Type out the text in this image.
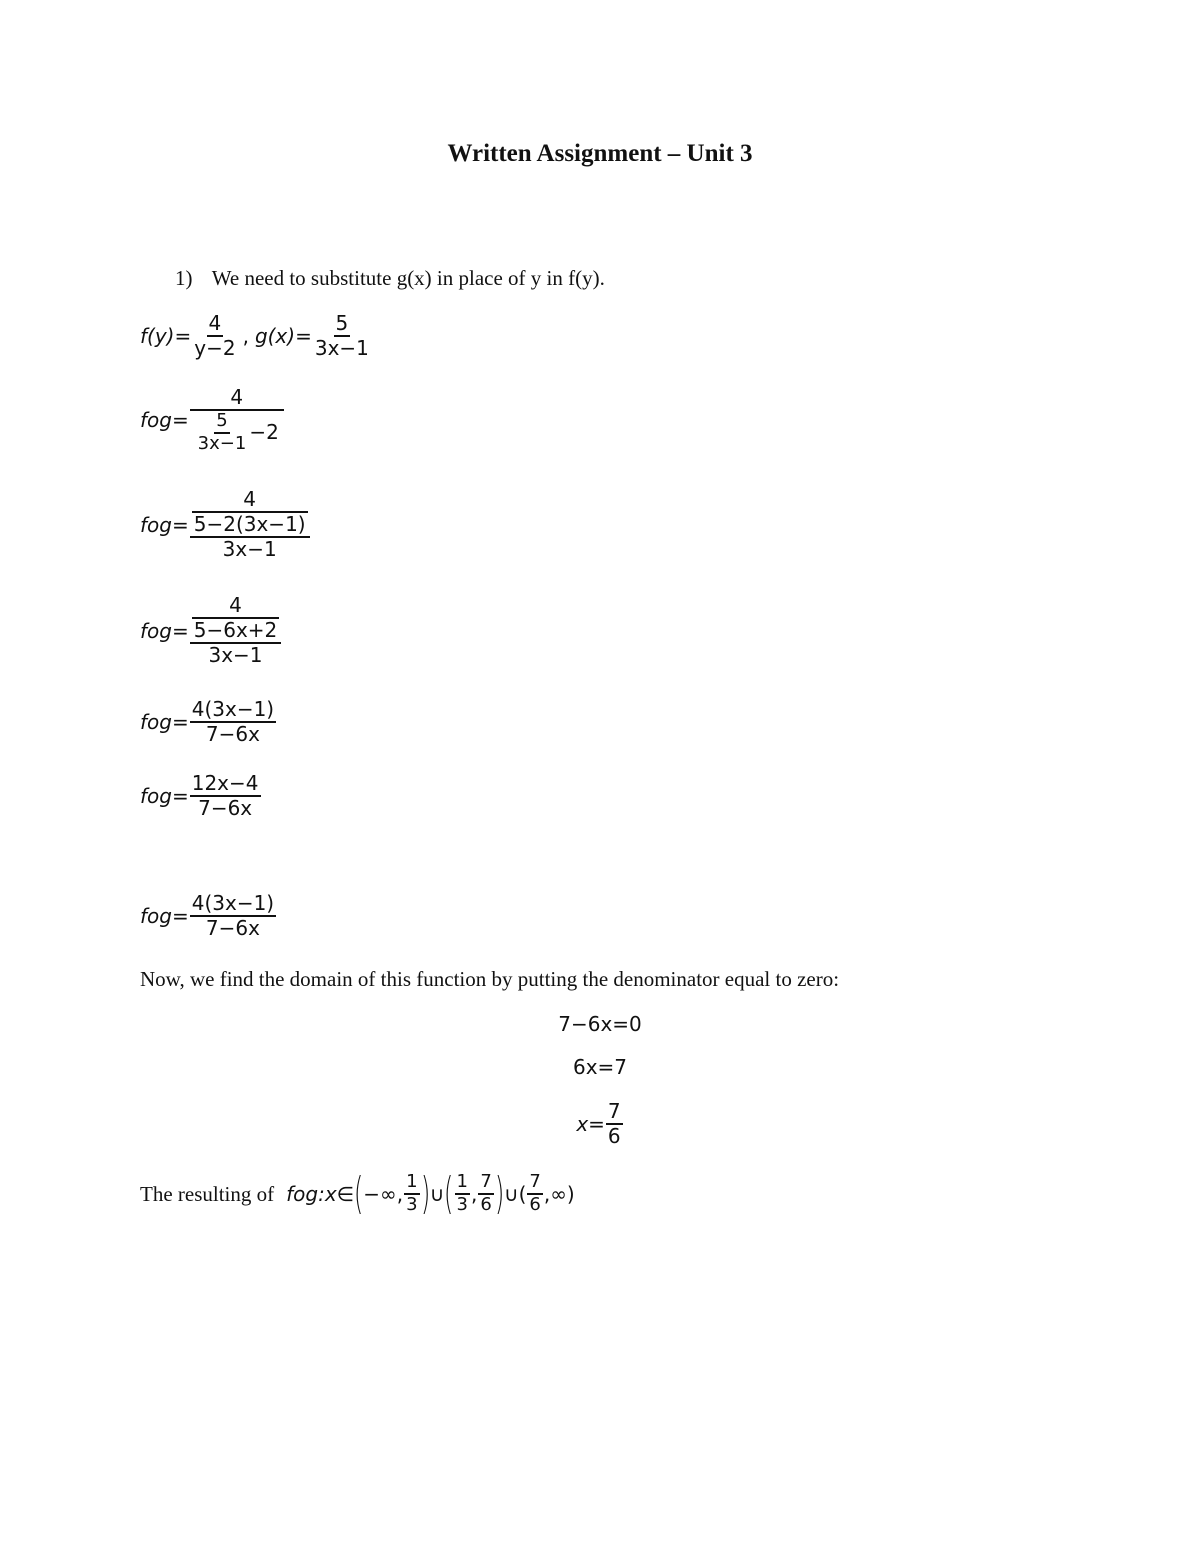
Written Assignment – Unit 3
1) We need to substitute g(x) in place of y in f(y).
$f(y)= \frac{4}{y-2}$ , $g(x)= \frac{5}{3x-1}$
$fog= \frac{4}{\frac{5}{3x-1} -2}$
fog= 4
5−2(3x−1)
3x−1
fog= 4
5−6x+2
3x−1
$fog= \frac{4(3x-1)}{7-6x}$
$fog= \frac{12x-4}{7-6x}$
$fog= \frac{4(3x-1)}{7-6x}$
Now, we find the domain of this function by putting the denominator equal to zero:
7−6x=0
6x=7
$x= \frac{7}{6}$
The resulting of fog:x∈ ( −∞, $\frac{1}{3}$ ) ∪ ( $\frac{1}{3}$ , $\frac{7}{6}$ ) ∪( $\frac{7}{6}$ ,∞)
